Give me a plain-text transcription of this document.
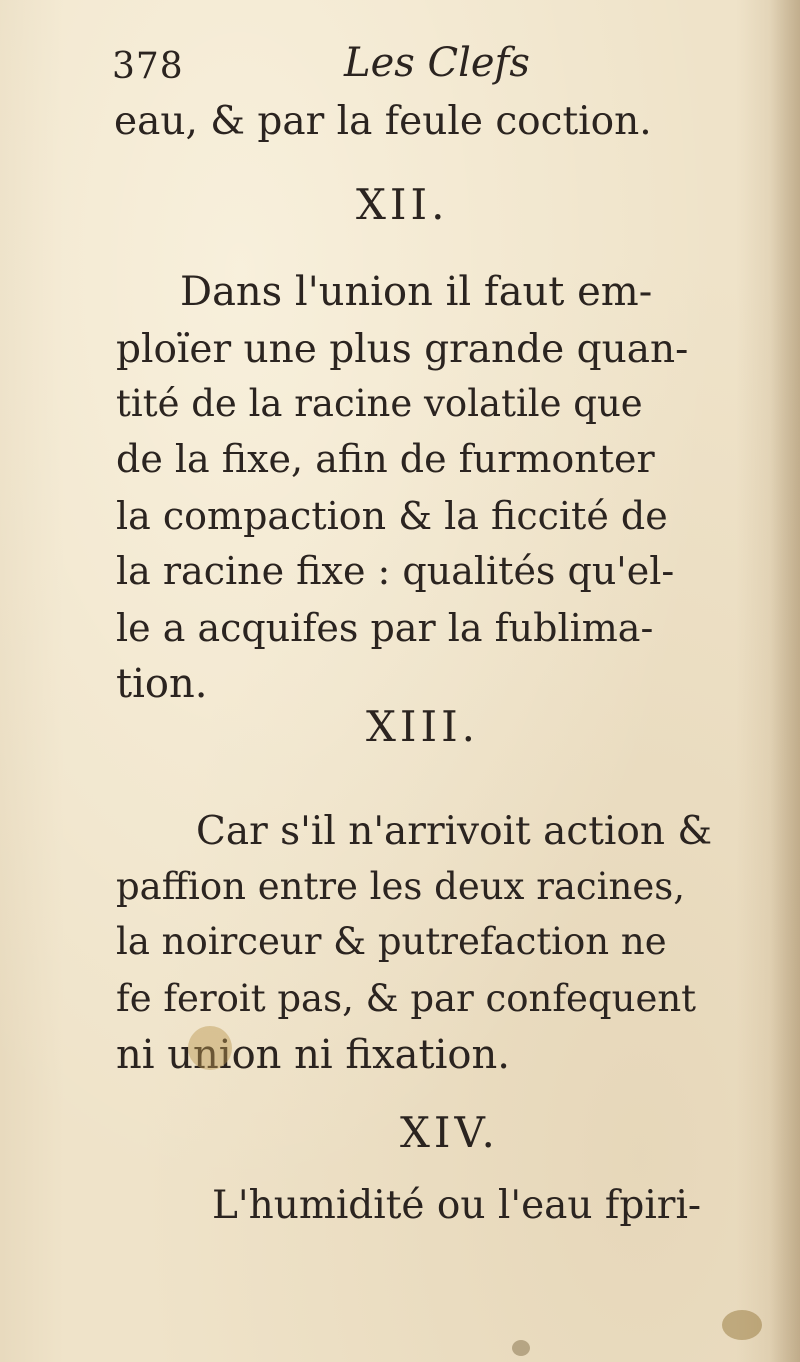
378	Les Clefs
eau, & par la feule coction.
XII.
Dans l'union il faut em-
ploïer une plus grande quan-
tité de la racine volatile que
de la fixe, afin de furmonter
la compaction & la ficcité de
la racine fixe : qualités qu'el-
le a acquifes par la fublima-
tion.
XIII.
Car s'il n'arrivoit action &
paffion entre les deux racines,
la noirceur & putrefaction ne
fe feroit pas, & par confequent
ni union ni fixation.
XIV.
L'humidité ou l'eau fpiri-
